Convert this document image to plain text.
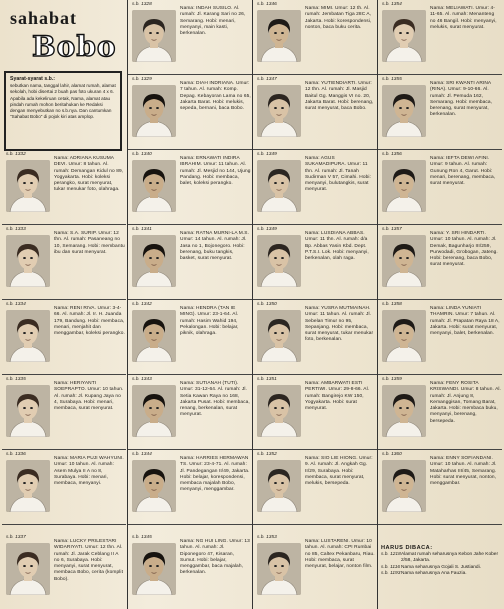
sahabat
Bobo
Syarat-syarat s.b.:
sebutkan nama, tanggal lahir, alamat rumah, alamat sekolah, hobi disertai 2 buah pas foto ukuran 4 x 6. Apabila ada kekeliruan cetak, Nama, alamat atau pindah rumah mohon beritahukan ke Redaksi dengan menyebutkan no s.b.nya. Dan cantumkan "Sahabat Bobo" di pojok kiri atas amplop.
s.b. 1328
Nama: INDAH SUSILO. Al. rumah: Jl. Karang Sari no 26, Semarang. Hobi: menari, menyanyi, main kasti, berkenalan.
s.b. 1346
Nama: MIMI. Umur: 12 th. Al. rumah: Jembatan Tiga 28C A, Jakarta. Hobi: korespondensi, nonton, baca buku cerita.
s.b. 1354
Nama: MELIAWATI. Umur: 4-11-65. Al. rumah: Menanteng no 46 Bangil. Hobi: menyanyi, melukis, surat menyurat.
s.b. 1329
Nama: DIAH INDRIANA. Umur: 7 tahun. Al. rumah: Komp. Depag. Kebayoran Lama no 65, Jakarta Barat. Hobi: melukis, sepeda, bernani, baca Bobo.
s.b. 1347
Nama: YUTIENDIARTI. Umur: 12 thn. Al. rumah: Jl. Masjid Baitul Gg. Manggis VI no. 20, Jakarta Barat. Hobi: berenang, surat menyurat, baca Bobo.
s.b. 1355
Nama: SRI KWANTI ARINA (RINA). Umur: 9-10-66. Al. rumah: Jl. Pemuda 162, Semarang. Hobi: membaca, berenang, surat menyurat, berkenalan.
s.b. 1332
Nama: ADRIANA KUSUMA DEVI. Umur: 8 tahun. Al. rumah: Demangan Kidul no 89, Yogyakarta. Hobi: koleksi perangko, surat menyurat, tukar menukar foto, olahraga.
s.b. 1340
Nama: ERNAWATI INDIRA IBRAHIM. Umur: 11 tahun. Al. rumah: Jl. Mesjid no 144, Ujung Pandang. Hobi: membaca, balet, koleksi perangko.
s.b. 1349
Nama: AGUS SUKAMADIPURA. Umur: 11 thn. Al. rumah: Jl. Tanah Sudirman V 57, Cimahi. Hobi: menyanyi, bulutangkis, surat menyurat.
s.b. 1356
Nama: IEFTA DEWI AFINI. Umur: 9 tahun. Al. rumah: Gunung Ron 4, Garut. Hobi: menari, berenang, membaca, surat menyurat.
s.b. 1333
Nama: S.A. SURIP. Umur: 12 thn. Al. rumah: Pasaneang no 10, Semarang. Hobi: membantu ibu dan surat menyurat.
s.b. 1341
Nama: RATNA MURNI-LA M.S. Umur: 14 tahun. Al. rumah: Jl. Jasa no 1, Bojonegoro. Hobi: berenang, buku tangkis, basket, surat menyurat.
s.b. 1349
Nama: LUSDIANA ABBAS. Umur: 11 thn. Al. rumah: d/a Bp. Abbas Yasin Kbd. Dept. P.T.S.I. Lok. Hobi: menyanyi, berkenalan, olah raga.
s.b. 1357
Nama: Y. SRI HINDARTI. Umur: 10 tahun. Al. rumah: Jl. Demak, Bagunharjo III/259, Purwodadi, Grobogan, Jateng. Hobi: berenang, baca Bobo, surat menyurat.
s.b. 1334
Nama: RENI RIVA. Umur: 3-4-66. Al. rumah: Jl. Ir. H. Juanda 179, Bandung. Hobi: membaca, menari, menjahit dan menggambar, koleksi perangko.
s.b. 1342
Nama: HENDRA (TAN IE MING). Umur: 23-1-64. Al. rumah: Hasim Wahid 194, Pekalongan. Hobi: belajar, piknik, olahraga.
s.b. 1350
Nama: YUSRA MUTMAINAH. Umur: 11 tahun. Al. rumah: Jl. Sebelan Timur no 95, Sepanjang. Hobi: membaca, surat menyurat, tukar menukar foto, berkenalan.
s.b. 1358
Nama: LINDA YUNIATI THAMRIN. Umur: 7 tahun. Al. rumah: Jl. Prapatan Raya 18 A, Jakarta. Hobi: surat menyurat, menyanyi, balet, berkenalan.
s.b. 1335
Nama: HERIYANTI SOEPRAPTO. Umur: 10 tahun. Al. rumah: Jl. Kupang Jaya no 4, Surabaya. Hobi: menari, membaca, surat menyurat.
s.b. 1343
Nama: SUTIANAH (TUTI). Umur: 31-12-64. Al. rumah: Jl. Setia Kawan Raya no 168, Jakarta Pusat. Hobi: membaca, renang, berkenalan, surat menyurat.
s.b. 1351
Nama: AMBARWATI ESTI PERTIWI. Umur: 29-8-66. Al. rumah: Bangirejo KW 150, Yogyakarta. Hobi: surat menyurat.
s.b. 1359
Nama: FENY ROSITA KRISWANDI. Umur: 8 tahun. Al. rumah: Jl. Anjung 8, Kemanggisan, Tomang Barat, Jakarta. Hobi: membaca buku, menyanyi, berenang, bersepeda.
s.b. 1336
Nama: MARIA PUJI WAHYUNI. Umur: 10 tahun. Al. rumah: Asem Mulya II A no 8, Surabaya. Hobi: menari, membaca, menyanyi.
s.b. 1344
Nama: HARRIES HERMAWAN TS. Umur: 23-4-71. Al. rumah: Jl. Pandegangan II/49, Jakarta. Hobi: belajar, korespondensi, membaca majalah Bobo, menyanyi, menggambar.
s.b. 1352
Nama: SIO LIE HIONG. Umur: 9. Al. rumah: Jl. Angkah Gg. II/29, Surabaya. Hobi: membaca, surat menyurat, melukis, bersepeda.
s.b. 1360
Nama: ENNY SOFIANDANI. Umur: 10 tahun. Al. rumah: Jl. Mataharhas III/45, Semarang. Hobi: surat menyurat, nonton, menggambar.
s.b. 1337
Nama: LUCKY PRILESTARI WIDARIYATI. Umur: 12 thn. Al. rumah: Jl. Jarak Ceblang II A no 6, Surabaya. Hobi: menyanyi, surat menyurat, membaca Bobo, cerita (komplit Bobo).
s.b. 1345
Nama: NG HUI LING. Umur: 13 tahun. Al. rumah: Jl. Diponegoro 47, Kisaran, Sumut. Hobi: belajar, menggambar, baca majalah, berkenalan.
s.b. 1353
Nama: LUSTARENI. Umur: 10 tahun. Al. rumah: CPI Rumbai no 85, Caltex Pekanbaru, Riau. Hobi: membaca, surat menyurat, belajar, nonton film.
HARUS DIBACA:
s.b. 1218 Alamat rumah seharusnya Kebon Jahe Kober 2/58, Jakarta.
s.b. 1116 Nama seharusnya Gojali S. Justiandi.
s.b. 1193 Nama seharusnya Ana Fauzia.
